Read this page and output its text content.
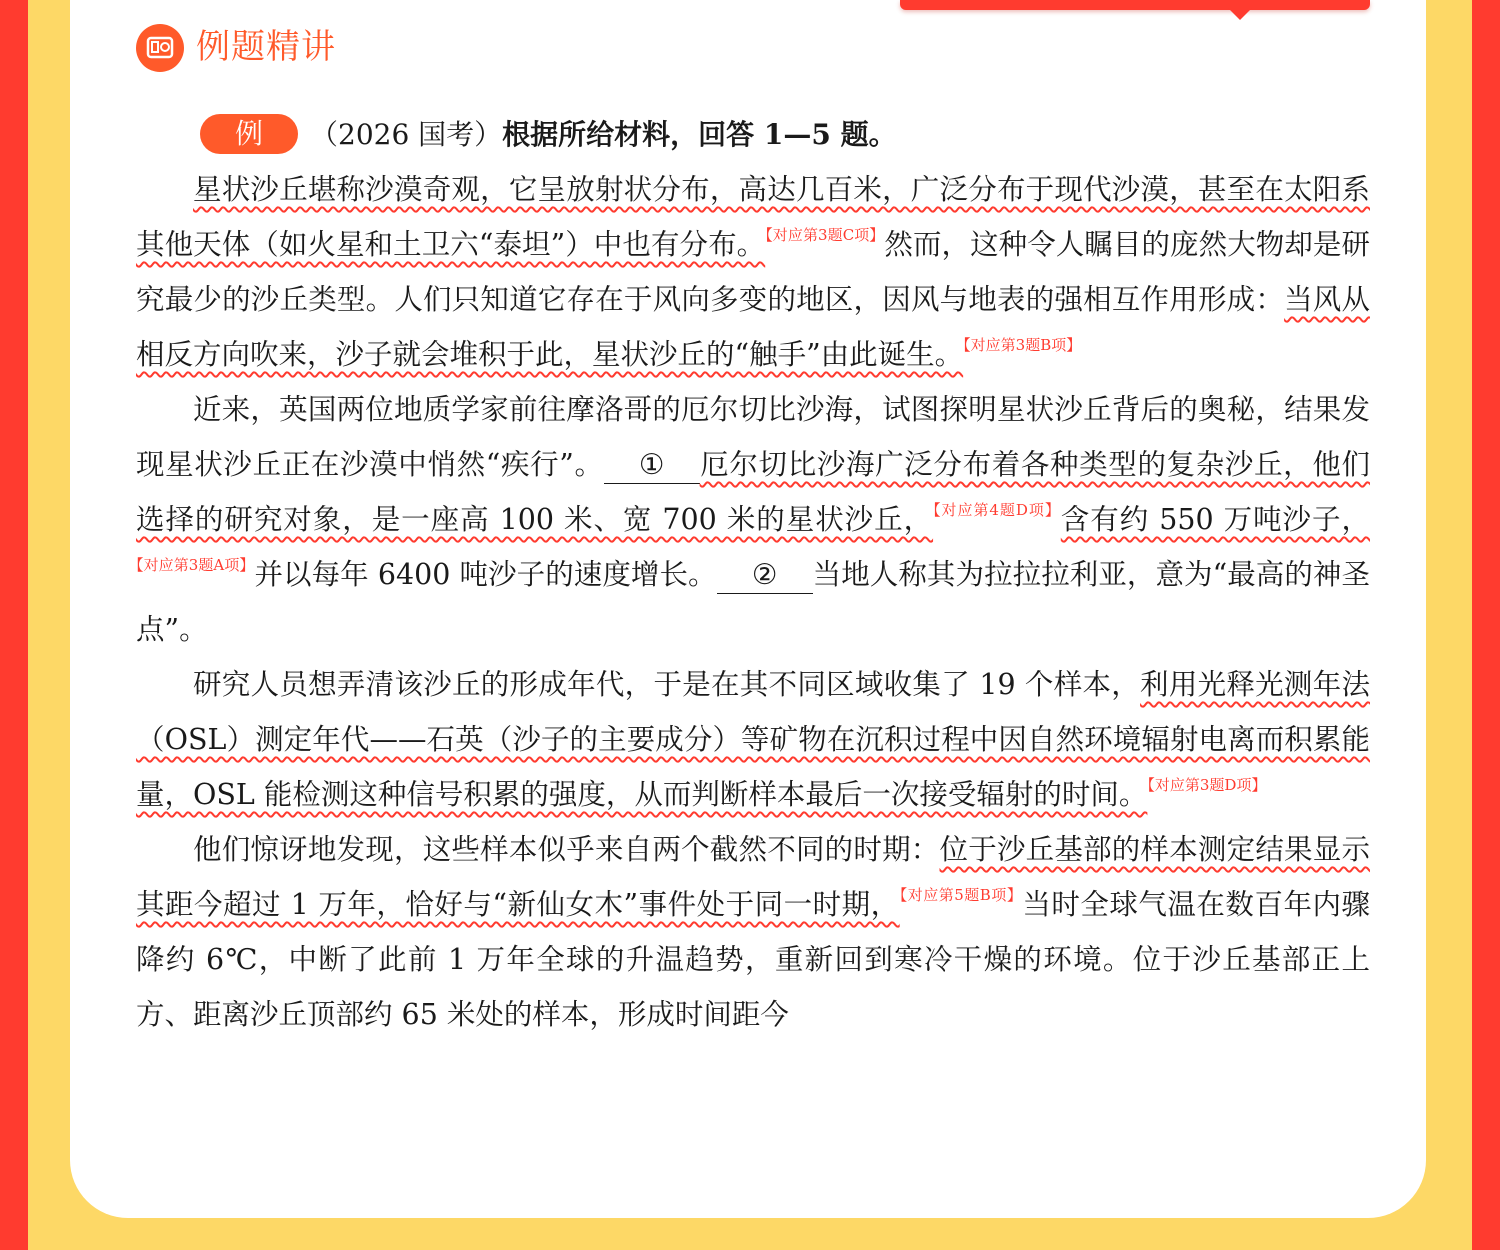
例题精讲
例	（2026 国考）根据所给材料，回答 1—5 题。

星状沙丘堪称沙漠奇观，它呈放射状分布，高达几百米，广泛分布于现代沙漠，甚至在太阳系其他天体（如火星和土卫六“泰坦”）中也有分布。$^{【对应第3题C项】}$然而，这种令人瞩目的庞然大物却是研究最少的沙丘类型。人们只知道它存在于风向多变的地区，因风与地表的强相互作用形成：当风从相反方向吹来，沙子就会堆积于此，星状沙丘的“触手”由此诞生。$^{【对应第3题B项】}$

近来，英国两位地质学家前往摩洛哥的厄尔切比沙海，试图探明星状沙丘背后的奥秘，结果发现星状沙丘正在沙漠中悄然“疾行”。 ① 厄尔切比沙海广泛分布着各种类型的复杂沙丘，他们选择的研究对象，是一座高 100 米、宽 700 米的星状沙丘，$^{【对应第4题D项】}$含有约 550 万吨沙子，$^{【对应第3题A项】}$并以每年 6400 吨沙子的速度增长。 ② 当地人称其为拉拉拉利亚，意为“最高的神圣点”。

研究人员想弄清该沙丘的形成年代，于是在其不同区域收集了 19 个样本，利用光释光测年法（OSL）测定年代——石英（沙子的主要成分）等矿物在沉积过程中因自然环境辐射电离而积累能量，OSL 能检测这种信号积累的强度，从而判断样本最后一次接受辐射的时间。$^{【对应第3题D项】}$

他们惊讶地发现，这些样本似乎来自两个截然不同的时期：位于沙丘基部的样本测定结果显示其距今超过 1 万年，恰好与“新仙女木”事件处于同一时期，$^{【对应第5题B项】}$当时全球气温在数百年内骤降约 6℃，中断了此前 1 万年全球的升温趋势，重新回到寒冷干燥的环境。位于沙丘基部正上方、距离沙丘顶部约 65 米处的样本，形成时间距今
